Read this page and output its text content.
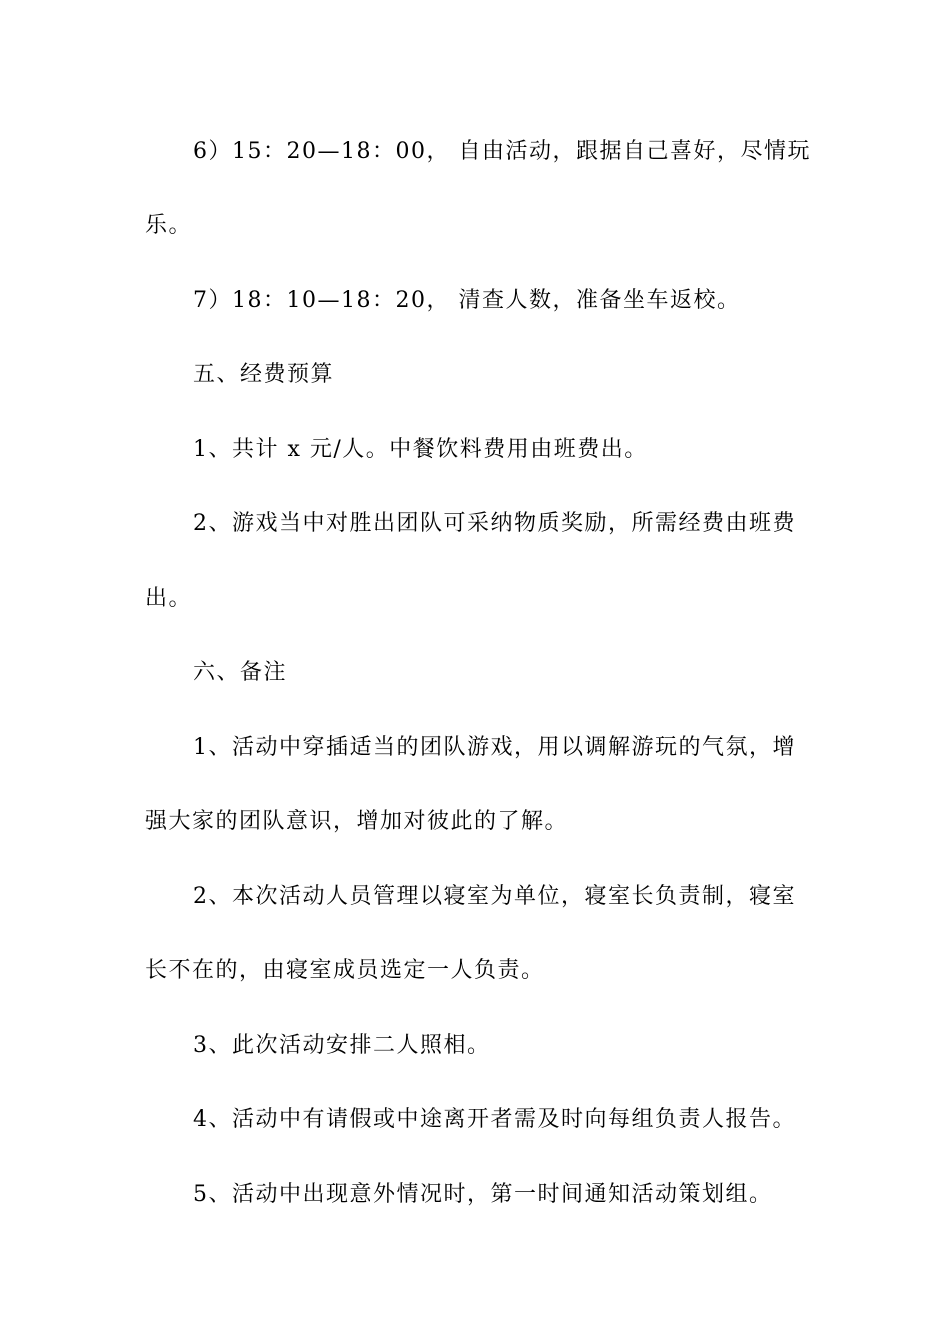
6）15：20—18：00， 自由活动，跟据自己喜好，尽情玩
乐。
7）18：10—18：20， 清查人数，准备坐车返校。
五、经费预算
1、共计 x 元/人。中餐饮料费用由班费出。
2、游戏当中对胜出团队可采纳物质奖励，所需经费由班费
出。
六、备注
1、活动中穿插适当的团队游戏，用以调解游玩的气氛，增
强大家的团队意识，增加对彼此的了解。
2、本次活动人员管理以寝室为单位，寝室长负责制，寝室
长不在的，由寝室成员选定一人负责。
3、此次活动安排二人照相。
4、活动中有请假或中途离开者需及时向每组负责人报告。
5、活动中出现意外情况时，第一时间通知活动策划组。
